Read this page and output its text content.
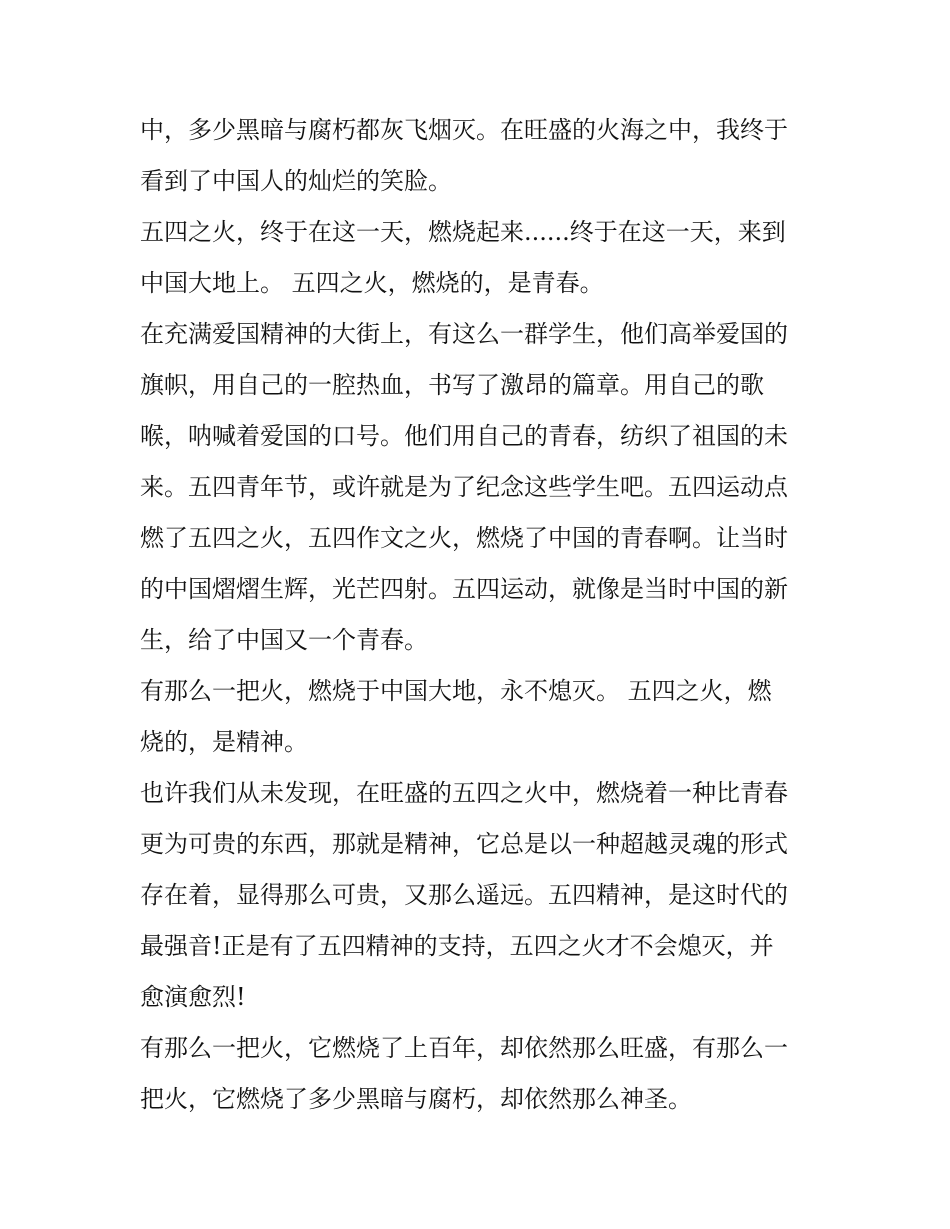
中，多少黑暗与腐朽都灰飞烟灭。在旺盛的火海之中，我终于
看到了中国人的灿烂的笑脸。
五四之火，终于在这一天，燃烧起来......终于在这一天，来到
中国大地上。 五四之火，燃烧的，是青春。
在充满爱国精神的大街上，有这么一群学生，他们高举爱国的
旗帜，用自己的一腔热血，书写了激昂的篇章。用自己的歌
喉，呐喊着爱国的口号。他们用自己的青春，纺织了祖国的未
来。五四青年节，或许就是为了纪念这些学生吧。五四运动点
燃了五四之火，五四作文之火，燃烧了中国的青春啊。让当时
的中国熠熠生辉，光芒四射。五四运动，就像是当时中国的新
生，给了中国又一个青春。
有那么一把火，燃烧于中国大地，永不熄灭。 五四之火，燃
烧的，是精神。
也许我们从未发现，在旺盛的五四之火中，燃烧着一种比青春
更为可贵的东西，那就是精神，它总是以一种超越灵魂的形式
存在着，显得那么可贵，又那么遥远。五四精神，是这时代的
最强音!正是有了五四精神的支持，五四之火才不会熄灭，并
愈演愈烈!
有那么一把火，它燃烧了上百年，却依然那么旺盛，有那么一
把火，它燃烧了多少黑暗与腐朽，却依然那么神圣。
